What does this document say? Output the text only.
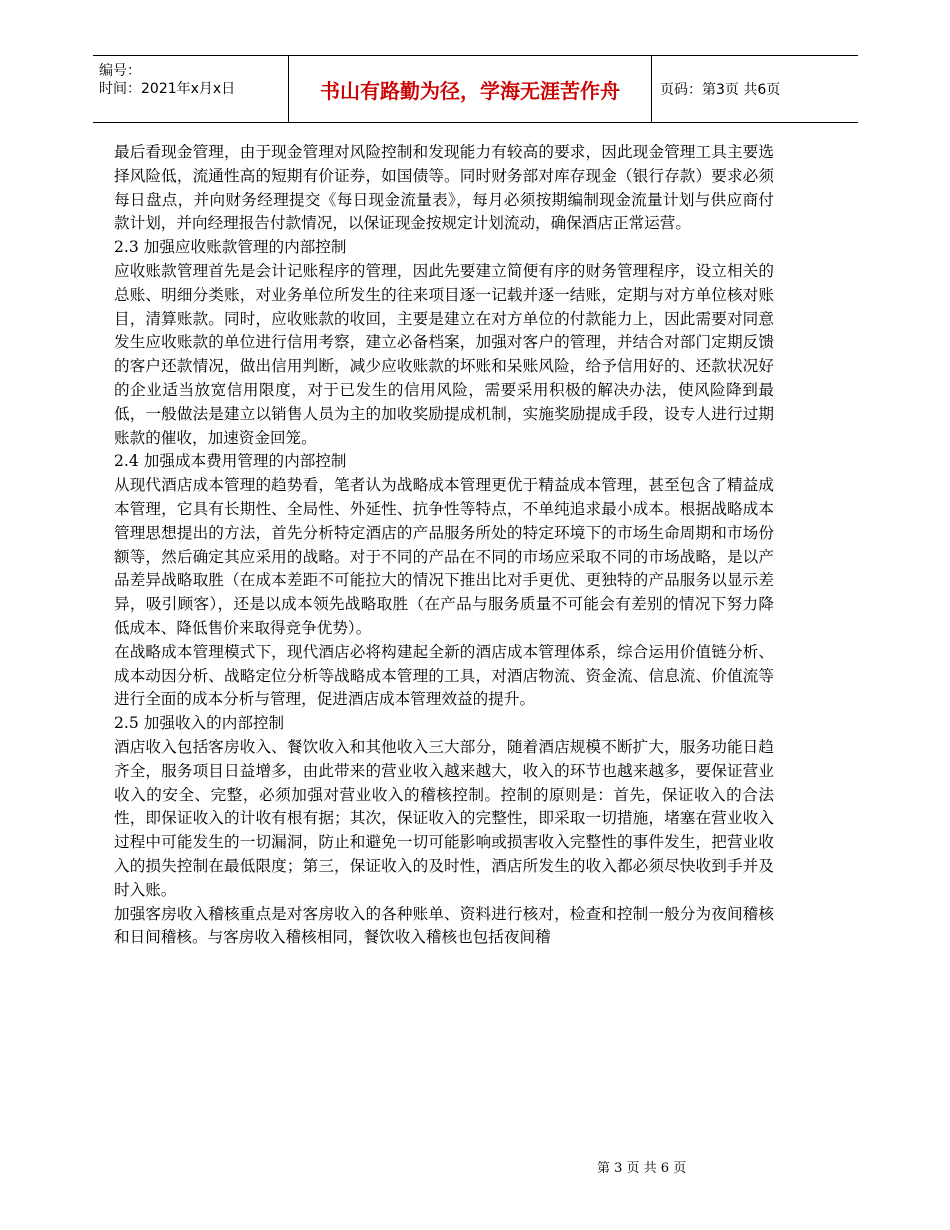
编号：
时间：2021年x月x日	书山有路勤为径，学海无涯苦作舟	页码：第3页 共6页

最后看现金管理，由于现金管理对风险控制和发现能力有较高的要求，因此现金管理工具主要选择风险低，流通性高的短期有价证券，如国债等。同时财务部对库存现金（银行存款）要求必须每日盘点，并向财务经理提交《每日现金流量表》，每月必须按期编制现金流量计划与供应商付款计划，并向经理报告付款情况，以保证现金按规定计划流动，确保酒店正常运营。

2.3 加强应收账款管理的内部控制

应收账款管理首先是会计记账程序的管理，因此先要建立简便有序的财务管理程序，设立相关的总账、明细分类账，对业务单位所发生的往来项目逐一记载并逐一结账，定期与对方单位核对账目，清算账款。同时，应收账款的收回，主要是建立在对方单位的付款能力上，因此需要对同意发生应收账款的单位进行信用考察，建立必备档案，加强对客户的管理，并结合对部门定期反馈的客户还款情况，做出信用判断，减少应收账款的坏账和呆账风险，给予信用好的、还款状况好的企业适当放宽信用限度，对于已发生的信用风险，需要采用积极的解决办法，使风险降到最低，一般做法是建立以销售人员为主的加收奖励提成机制，实施奖励提成手段，设专人进行过期账款的催收，加速资金回笼。

2.4 加强成本费用管理的内部控制

从现代酒店成本管理的趋势看，笔者认为战略成本管理更优于精益成本管理，甚至包含了精益成本管理，它具有长期性、全局性、外延性、抗争性等特点，不单纯追求最小成本。根据战略成本管理思想提出的方法，首先分析特定酒店的产品服务所处的特定环境下的市场生命周期和市场份额等，然后确定其应采用的战略。对于不同的产品在不同的市场应采取不同的市场战略，是以产品差异战略取胜（在成本差距不可能拉大的情况下推出比对手更优、更独特的产品服务以显示差异，吸引顾客），还是以成本领先战略取胜（在产品与服务质量不可能会有差别的情况下努力降低成本、降低售价来取得竞争优势）。

在战略成本管理模式下，现代酒店必将构建起全新的酒店成本管理体系，综合运用价值链分析、成本动因分析、战略定位分析等战略成本管理的工具，对酒店物流、资金流、信息流、价值流等进行全面的成本分析与管理，促进酒店成本管理效益的提升。

2.5 加强收入的内部控制

酒店收入包括客房收入、餐饮收入和其他收入三大部分，随着酒店规模不断扩大，服务功能日趋齐全，服务项目日益增多，由此带来的营业收入越来越大，收入的环节也越来越多，要保证营业收入的安全、完整，必须加强对营业收入的稽核控制。控制的原则是：首先，保证收入的合法性，即保证收入的计收有根有据；其次，保证收入的完整性，即采取一切措施，堵塞在营业收入过程中可能发生的一切漏洞，防止和避免一切可能影响或损害收入完整性的事件发生，把营业收入的损失控制在最低限度；第三，保证收入的及时性，酒店所发生的收入都必须尽快收到手并及时入账。

加强客房收入稽核重点是对客房收入的各种账单、资料进行核对，检查和控制一般分为夜间稽核和日间稽核。与客房收入稽核相同，餐饮收入稽核也包括夜间稽

第 3 页 共 6 页
